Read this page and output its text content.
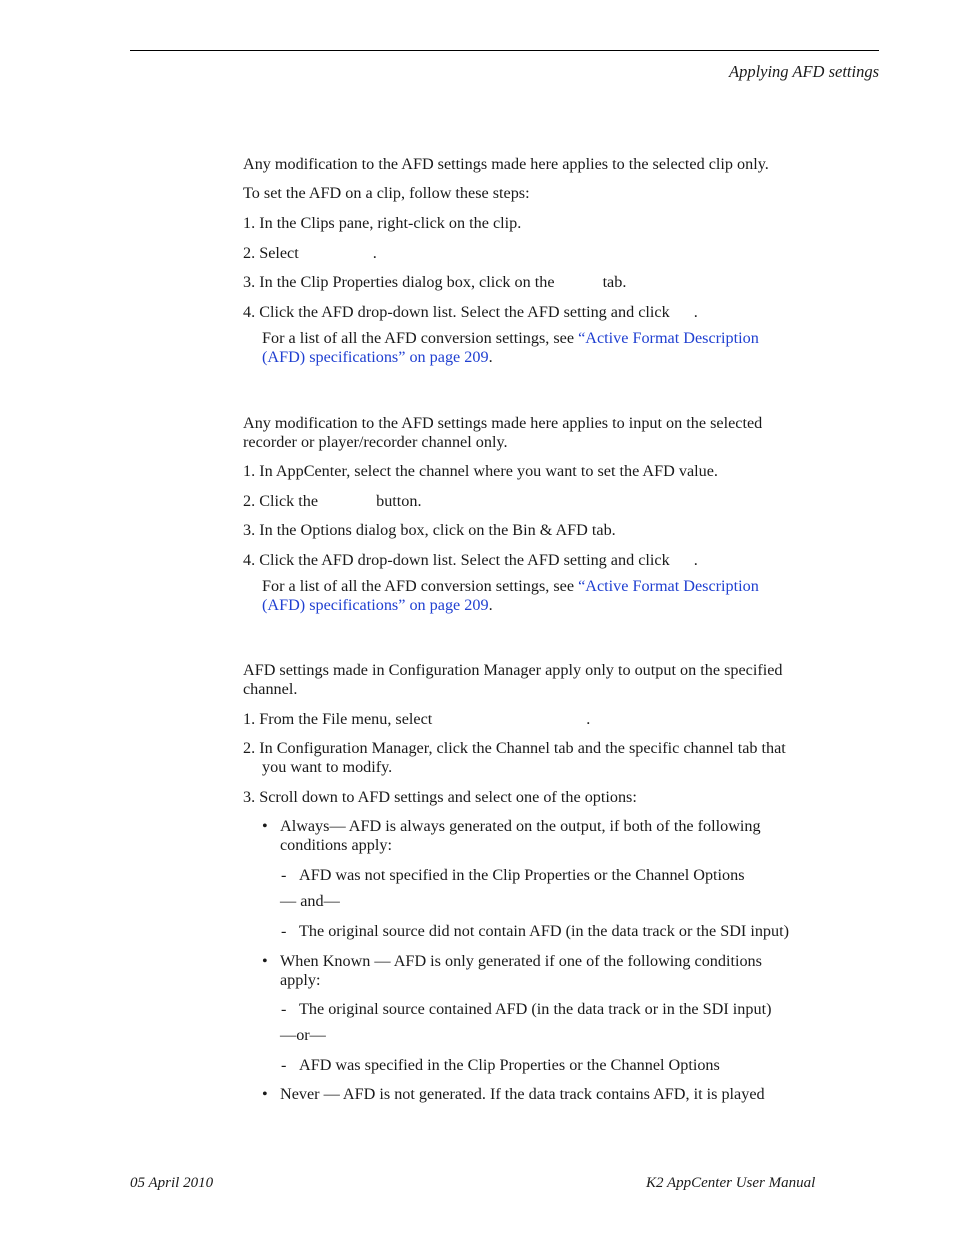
Applying AFD settings

Any modification to the AFD settings made here applies to the selected clip only.

To set the AFD on a clip, follow these steps:

1. In the Clips pane, right-click on the clip.

2. Select	.

3. In the Clip Properties dialog box, click on the	tab.

4. Click the AFD drop-down list. Select the AFD setting and click .

For a list of all the AFD conversion settings, see “Active Format Description
(AFD) specifications” on page 209.

Any modification to the AFD settings made here applies to input on the selected
recorder or player/recorder channel only.

1. In AppCenter, select the channel where you want to set the AFD value.

2. Click the	button.

3. In the Options dialog box, click on the Bin & AFD tab.

4. Click the AFD drop-down list. Select the AFD setting and click .

For a list of all the AFD conversion settings, see “Active Format Description
(AFD) specifications” on page 209.

AFD settings made in Configuration Manager apply only to output on the specified
channel.

1. From the File menu, select	.

2. In Configuration Manager, click the Channel tab and the specific channel tab that
you want to modify.

3. Scroll down to AFD settings and select one of the options:

• Always— AFD is always generated on the output, if both of the following
conditions apply:

- AFD was not specified in the Clip Properties or the Channel Options

— and—

- The original source did not contain AFD (in the data track or the SDI input)

• When Known — AFD is only generated if one of the following conditions
apply:

- The original source contained AFD (in the data track or in the SDI input)

—or—

- AFD was specified in the Clip Properties or the Channel Options

• Never — AFD is not generated. If the data track contains AFD, it is played

05 April 2010	K2 AppCenter User Manual
